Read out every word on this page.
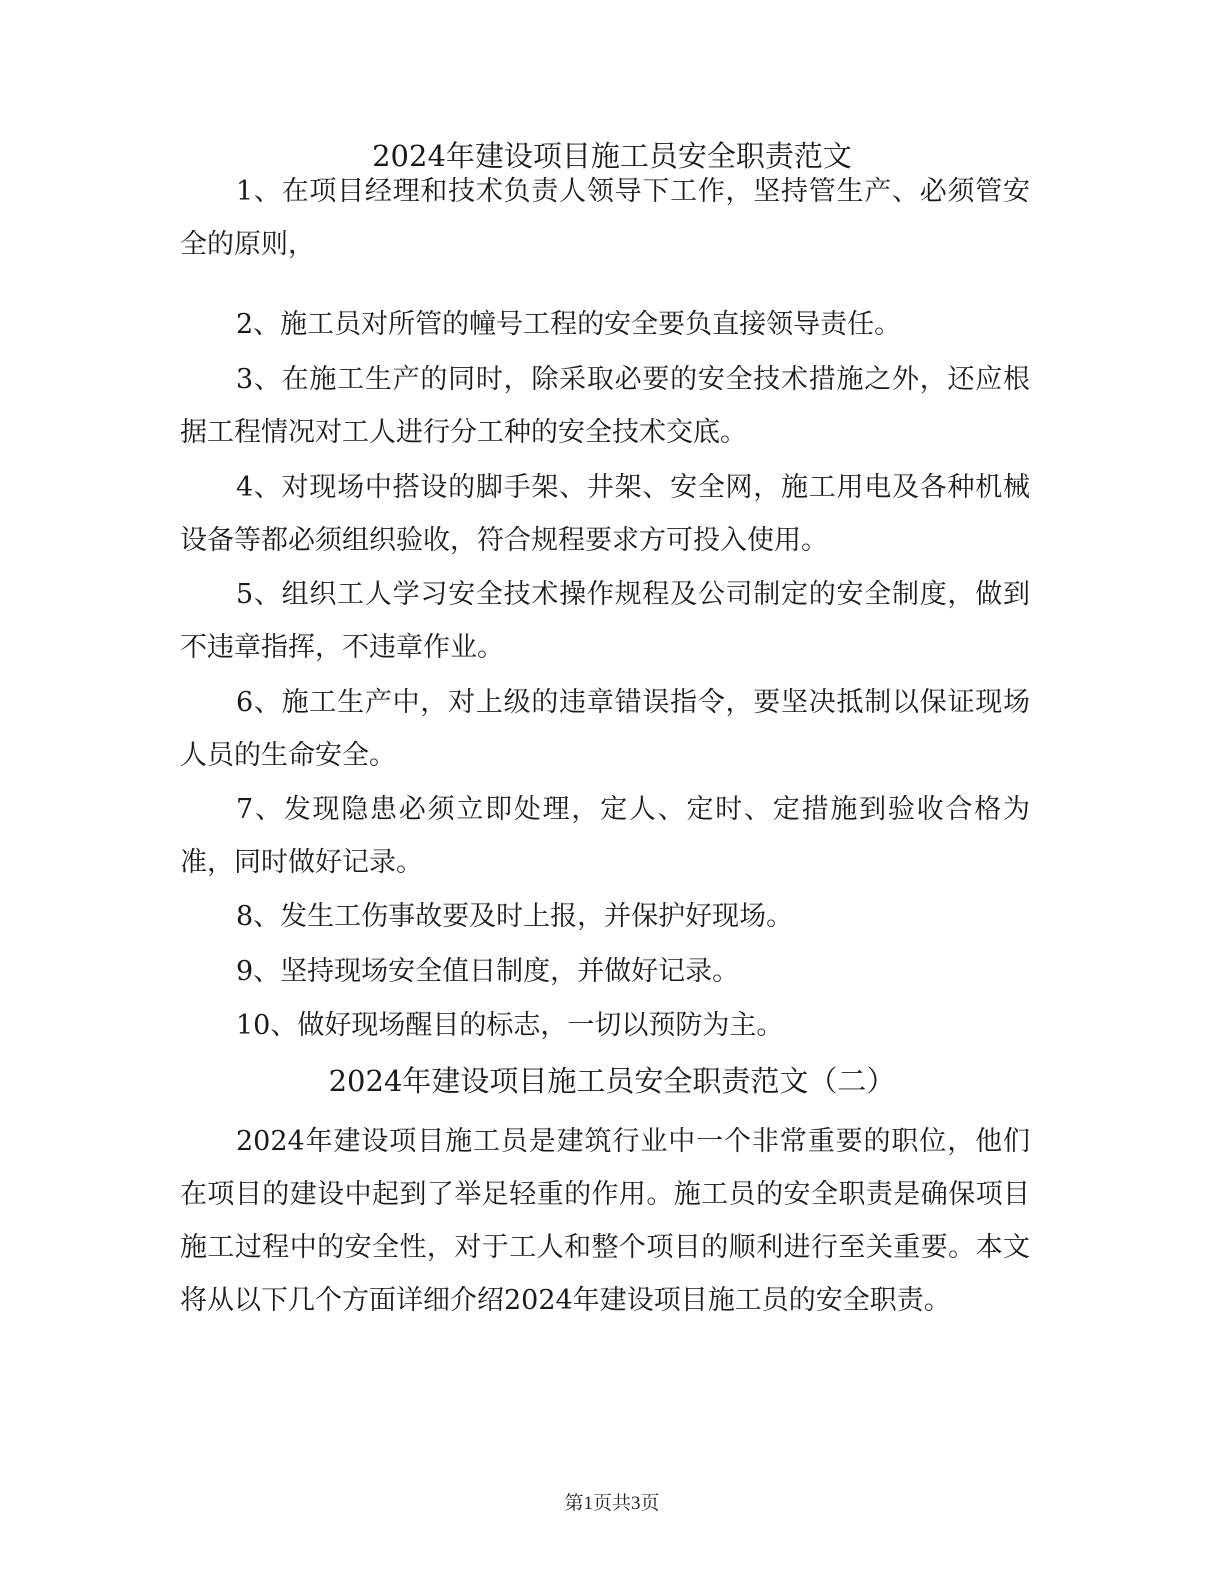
2024年建设项目施工员安全职责范文

1、在项目经理和技术负责人领导下工作，坚持管生产、必须管安全的原则，

2、施工员对所管的幢号工程的安全要负直接领导责任。

3、在施工生产的同时，除采取必要的安全技术措施之外，还应根据工程情况对工人进行分工种的安全技术交底。

4、对现场中搭设的脚手架、井架、安全网，施工用电及各种机械设备等都必须组织验收，符合规程要求方可投入使用。

5、组织工人学习安全技术操作规程及公司制定的安全制度，做到不违章指挥，不违章作业。

6、施工生产中，对上级的违章错误指令，要坚决抵制以保证现场人员的生命安全。

7、发现隐患必须立即处理，定人、定时、定措施到验收合格为准，同时做好记录。

8、发生工伤事故要及时上报，并保护好现场。

9、坚持现场安全值日制度，并做好记录。

10、做好现场醒目的标志，一切以预防为主。

2024年建设项目施工员安全职责范文（二）

2024年建设项目施工员是建筑行业中一个非常重要的职位，他们在项目的建设中起到了举足轻重的作用。施工员的安全职责是确保项目施工过程中的安全性，对于工人和整个项目的顺利进行至关重要。本文将从以下几个方面详细介绍2024年建设项目施工员的安全职责。

第1页共3页
